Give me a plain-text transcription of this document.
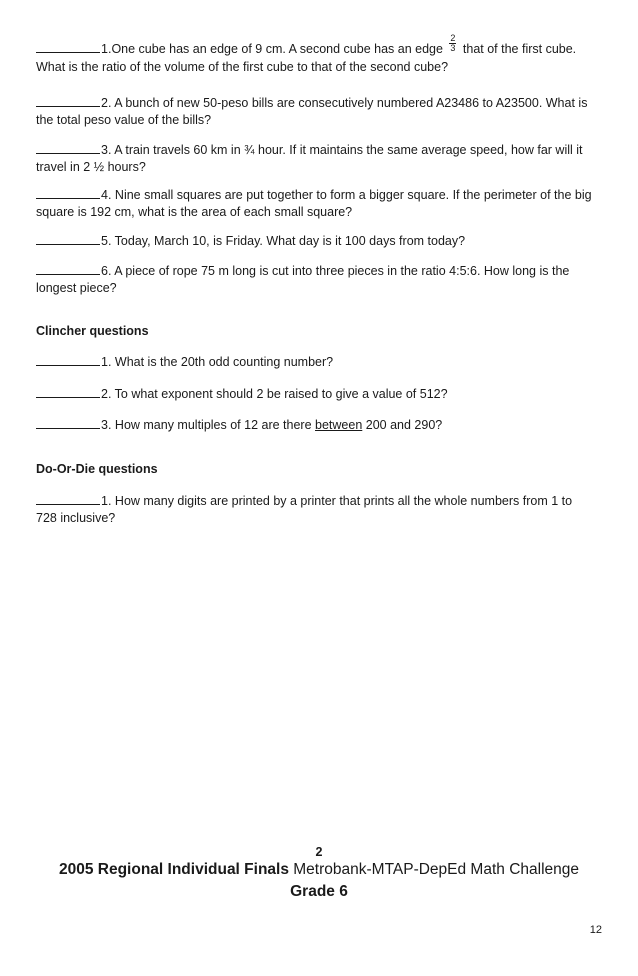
1.One cube has an edge of 9 cm. A second cube has an edge $\frac{2}{3}$ that of the first cube. What is the ratio of the volume of the first cube to that of the second cube?
2. A bunch of new 50-peso bills are consecutively numbered A23486 to A23500. What is the total peso value of the bills?
3. A train travels 60 km in ¾ hour. If it maintains the same average speed, how far will it travel in 2 ½ hours?
4. Nine small squares are put together to form a bigger square. If the perimeter of the big square is 192 cm, what is the area of each small square?
5. Today, March 10, is Friday. What day is it 100 days from today?
6. A piece of rope 75 m long is cut into three pieces in the ratio 4:5:6. How long is the longest piece?
Clincher questions
1. What is the 20th odd counting number?
2. To what exponent should 2 be raised to give a value of 512?
3. How many multiples of 12 are there between 200 and 290?
Do-Or-Die questions
1. How many digits are printed by a printer that prints all the whole numbers from 1 to 728 inclusive?
2
2005 Regional Individual Finals Metrobank-MTAP-DepEd Math Challenge
Grade 6
12
